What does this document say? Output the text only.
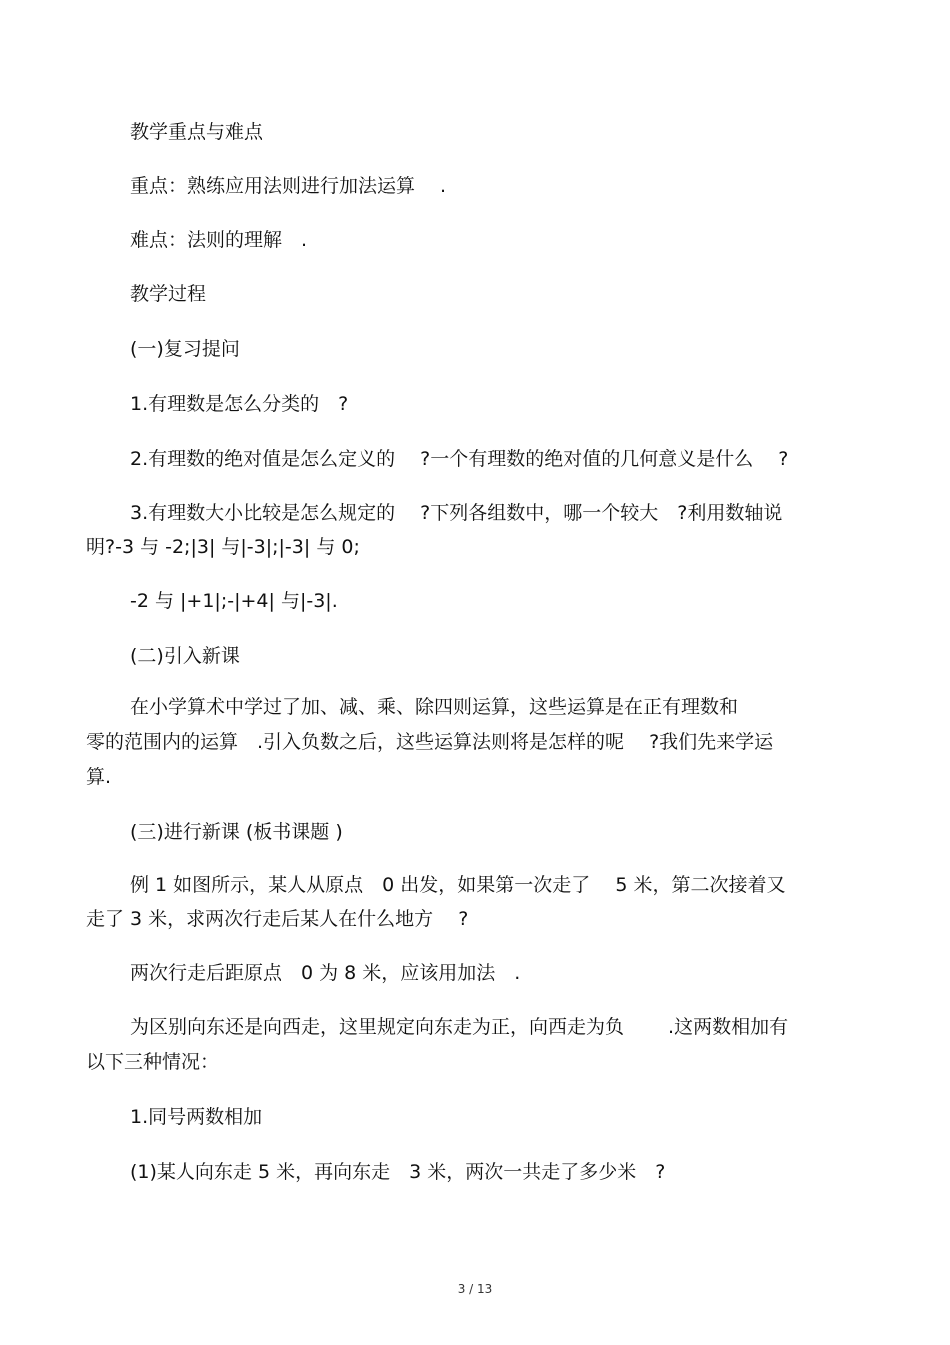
教学重点与难点

重点：熟练应用法则进行加法运算　 .

难点：法则的理解　.

教学过程

(一)复习提问

1.有理数是怎么分类的　?

2.有理数的绝对值是怎么定义的　 ?一个有理数的绝对值的几何意义是什么　 ?

3.有理数大小比较是怎么规定的　 ?下列各组数中，哪一个较大　?利用数轴说

明?-3 与 -2;|3| 与|-3|;|-3| 与 0;

-2 与 |+1|;-|+4| 与|-3|.

(二)引入新课

在小学算术中学过了加、减、乘、除四则运算，这些运算是在正有理数和

零的范围内的运算　.引入负数之后，这些运算法则将是怎样的呢　 ?我们先来学运

算.

(三)进行新课 (板书课题 )

例 1 如图所示，某人从原点　0 出发，如果第一次走了　 5 米，第二次接着又

走了 3 米，求两次行走后某人在什么地方　 ?

两次行走后距原点　0 为 8 米，应该用加法　.

为区别向东还是向西走，这里规定向东走为正，向西走为负　　 .这两数相加有

以下三种情况：

1.同号两数相加

(1)某人向东走 5 米，再向东走　3 米，两次一共走了多少米　?

3 / 13
